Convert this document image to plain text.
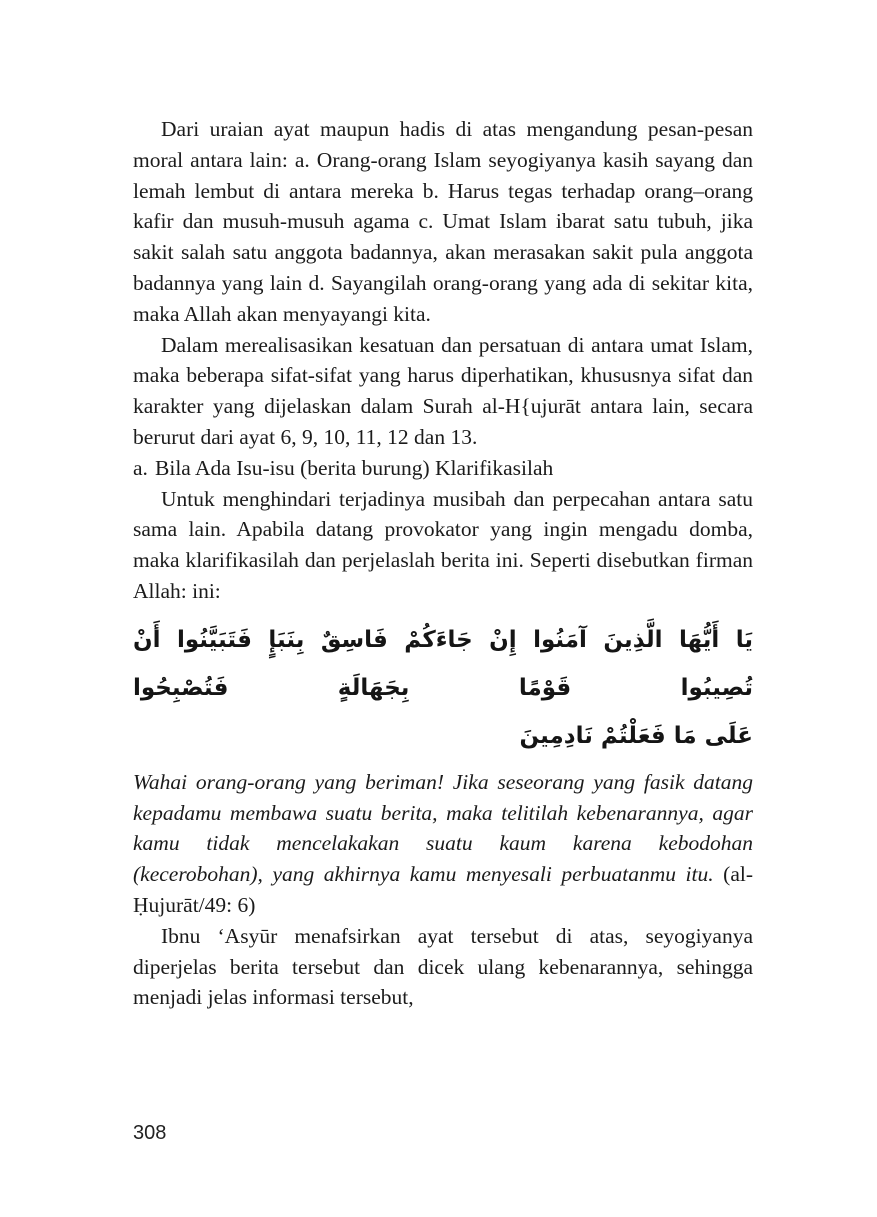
Dari uraian ayat maupun hadis di atas mengandung pesan-pesan moral antara lain: a. Orang-orang Islam seyogiyanya kasih sayang dan lemah lembut di antara mereka b. Harus tegas terhadap orang–orang kafir dan musuh-musuh agama c. Umat Islam ibarat satu tubuh, jika sakit salah satu anggota badannya, akan merasakan sakit pula anggota badannya yang lain d. Sayangilah orang-orang yang ada di sekitar kita, maka Allah akan menyayangi kita.

Dalam merealisasikan kesatuan dan persatuan di antara umat Islam, maka beberapa sifat-sifat yang harus diperhatikan, khususnya sifat dan karakter yang dijelaskan dalam Surah al-H{ujurāt antara lain, secara berurut dari ayat 6, 9, 10, 11, 12 dan 13.

a. Bila Ada Isu-isu (berita burung) Klarifikasilah

Untuk menghindari terjadinya musibah dan perpecahan antara satu sama lain. Apabila datang provokator yang ingin mengadu domba, maka klarifikasilah dan perjelaslah berita ini. Seperti disebutkan firman Allah: ini:

يَا أَيُّهَا الَّذِينَ آمَنُوا إِنْ جَاءَكُمْ فَاسِقٌ بِنَبَإٍ فَتَبَيَّنُوا أَنْ تُصِيبُوا قَوْمًا بِجَهَالَةٍ فَتُصْبِحُوا
عَلَى مَا فَعَلْتُمْ نَادِمِينَ

Wahai orang-orang yang beriman! Jika seseorang yang fasik datang kepadamu membawa suatu berita, maka telitilah kebenarannya, agar kamu tidak mencelakakan suatu kaum karena kebodohan (kecerobohan), yang akhirnya kamu menyesali perbuatanmu itu. (al-Ḥujurāt/49: 6)

Ibnu ʻAsyūr menafsirkan ayat tersebut di atas, seyogiyanya diperjelas berita tersebut dan dicek ulang kebenarannya, sehingga menjadi jelas informasi tersebut,

308
